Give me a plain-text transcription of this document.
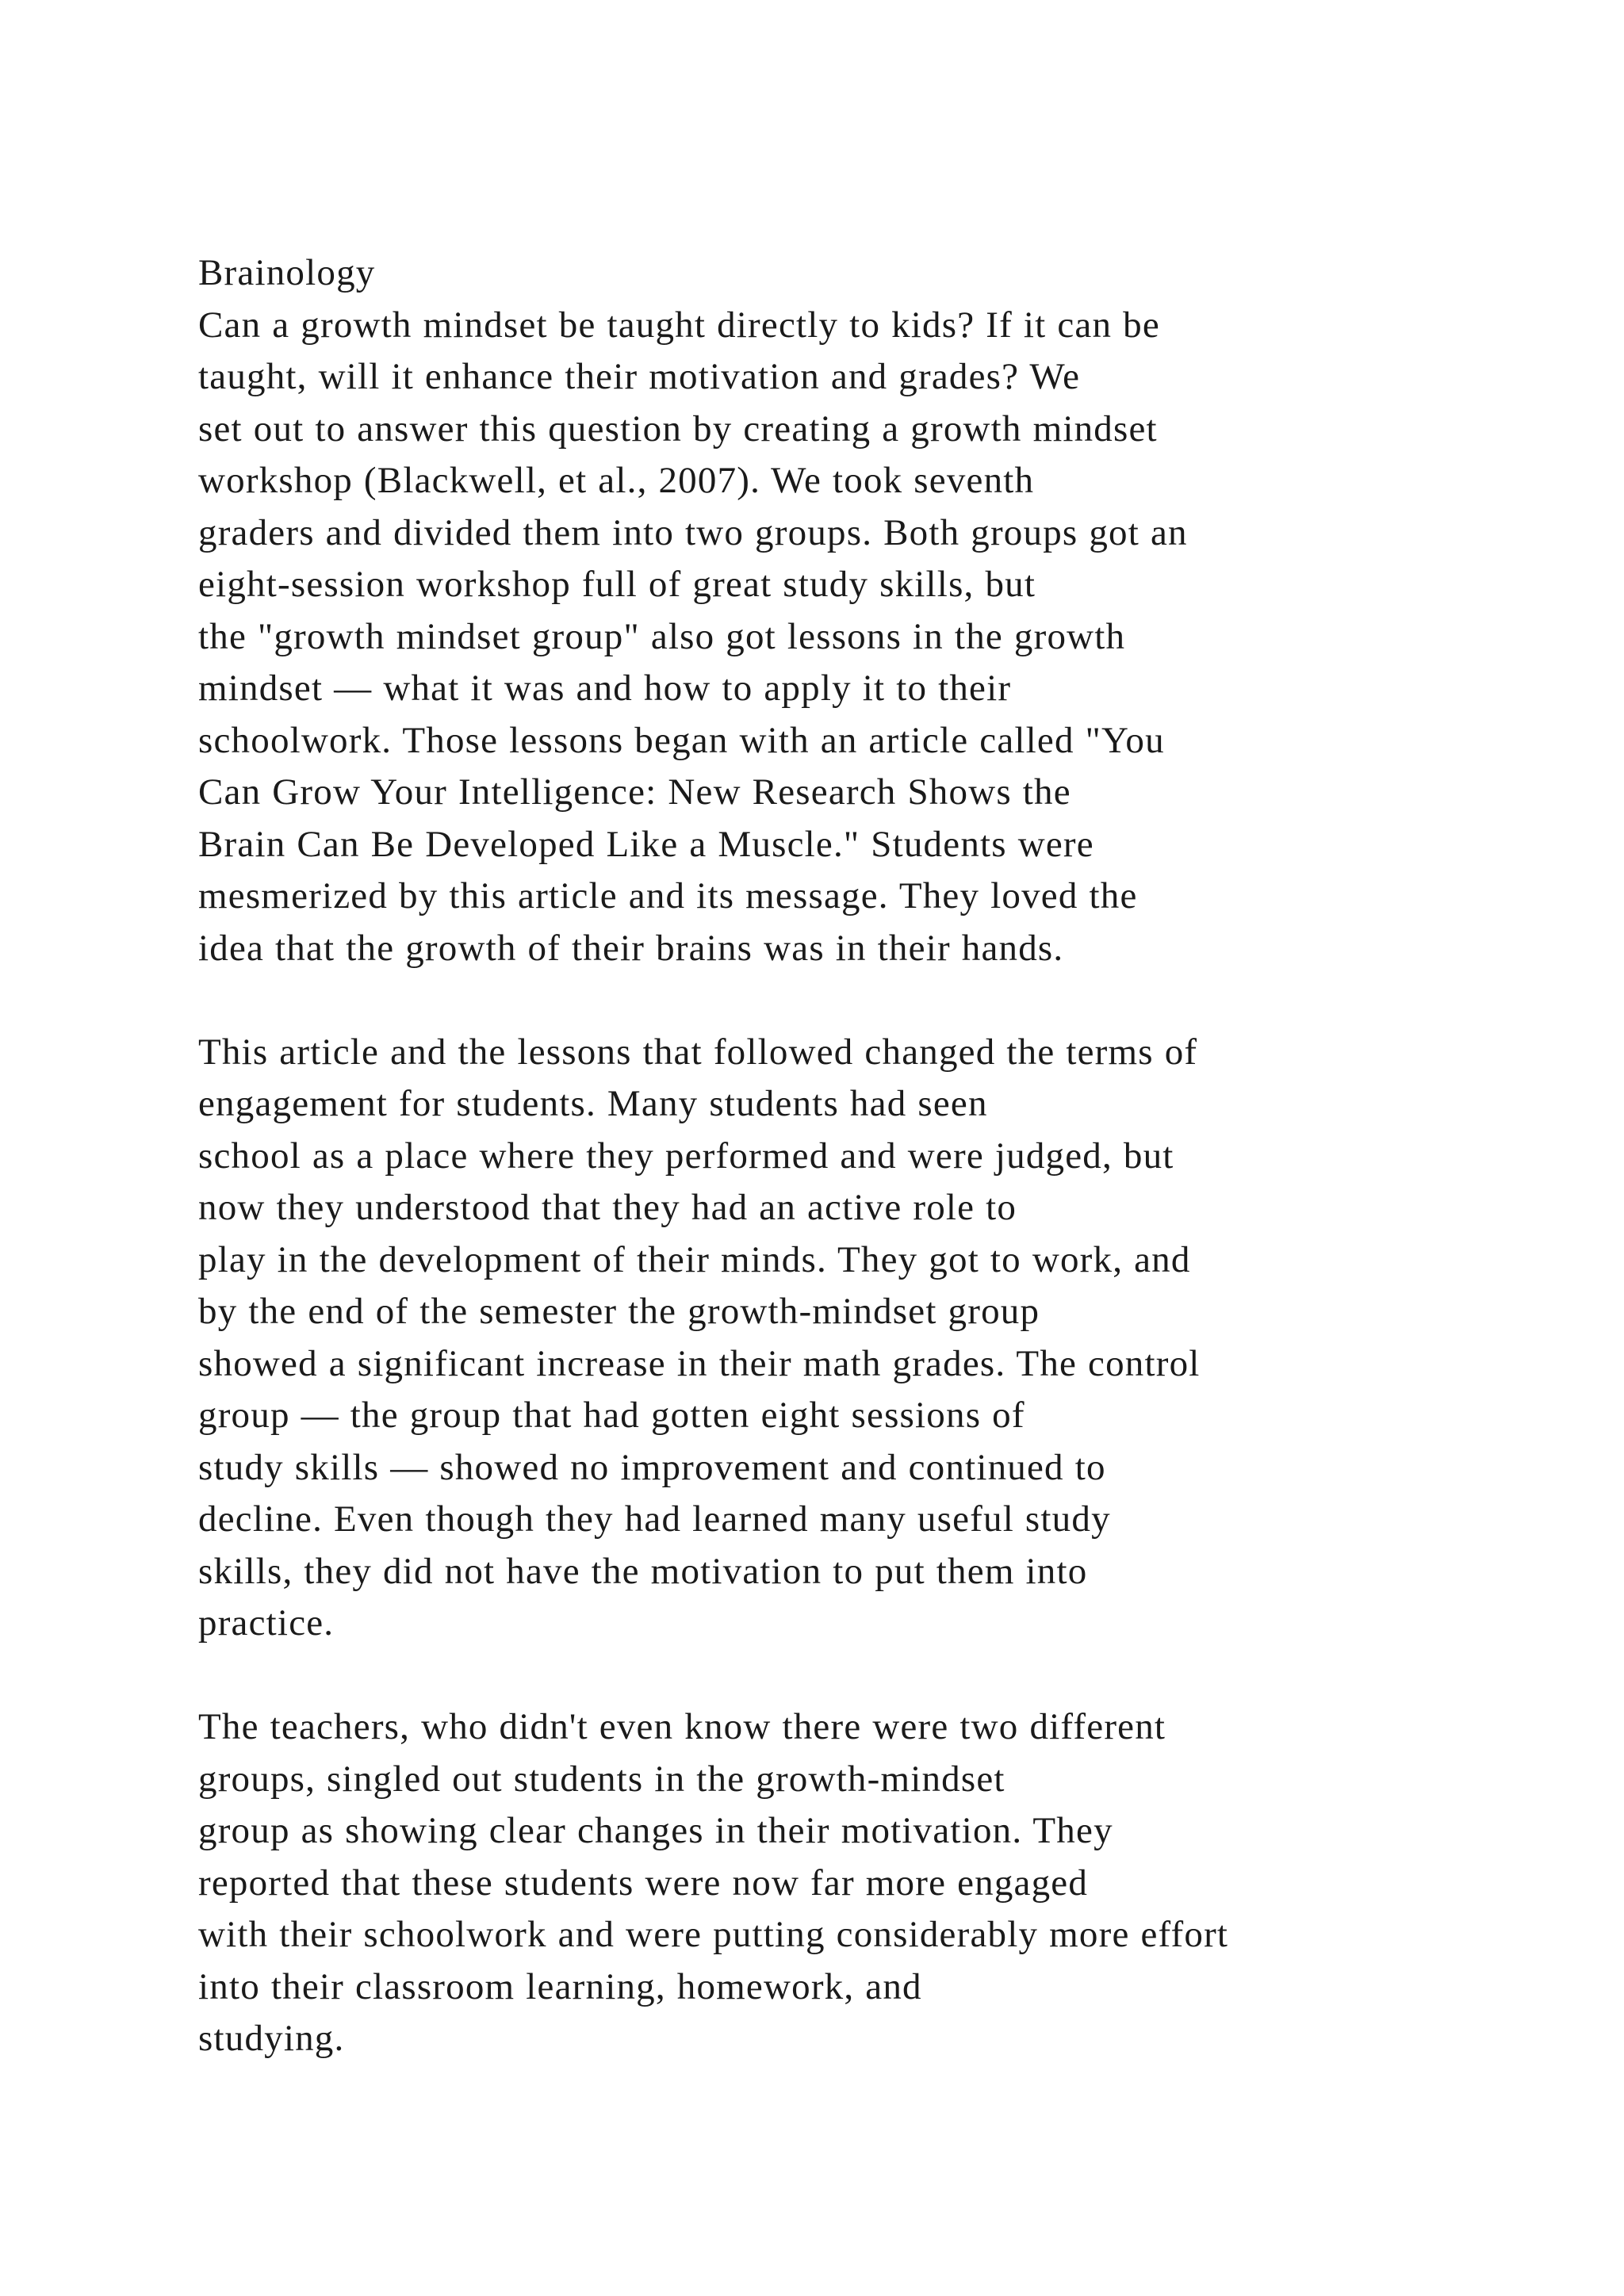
Brainology
Can a growth mindset be taught directly to kids? If it can be
taught, will it enhance their motivation and grades? We
set out to answer this question by creating a growth mindset
workshop (Blackwell, et al., 2007). We took seventh
graders and divided them into two groups. Both groups got an
eight-session workshop full of great study skills, but
the "growth mindset group" also got lessons in the growth
mindset — what it was and how to apply it to their
schoolwork. Those lessons began with an article called "You
Can Grow Your Intelligence: New Research Shows the
Brain Can Be Developed Like a Muscle." Students were
mesmerized by this article and its message. They loved the
idea that the growth of their brains was in their hands.
This article and the lessons that followed changed the terms of
engagement for students. Many students had seen
school as a place where they performed and were judged, but
now they understood that they had an active role to
play in the development of their minds. They got to work, and
by the end of the semester the growth-mindset group
showed a significant increase in their math grades. The control
group — the group that had gotten eight sessions of
study skills — showed no improvement and continued to
decline. Even though they had learned many useful study
skills, they did not have the motivation to put them into
practice.
The teachers, who didn't even know there were two different
groups, singled out students in the growth-mindset
group as showing clear changes in their motivation. They
reported that these students were now far more engaged
with their schoolwork and were putting considerably more effort
into their classroom learning, homework, and
studying.
